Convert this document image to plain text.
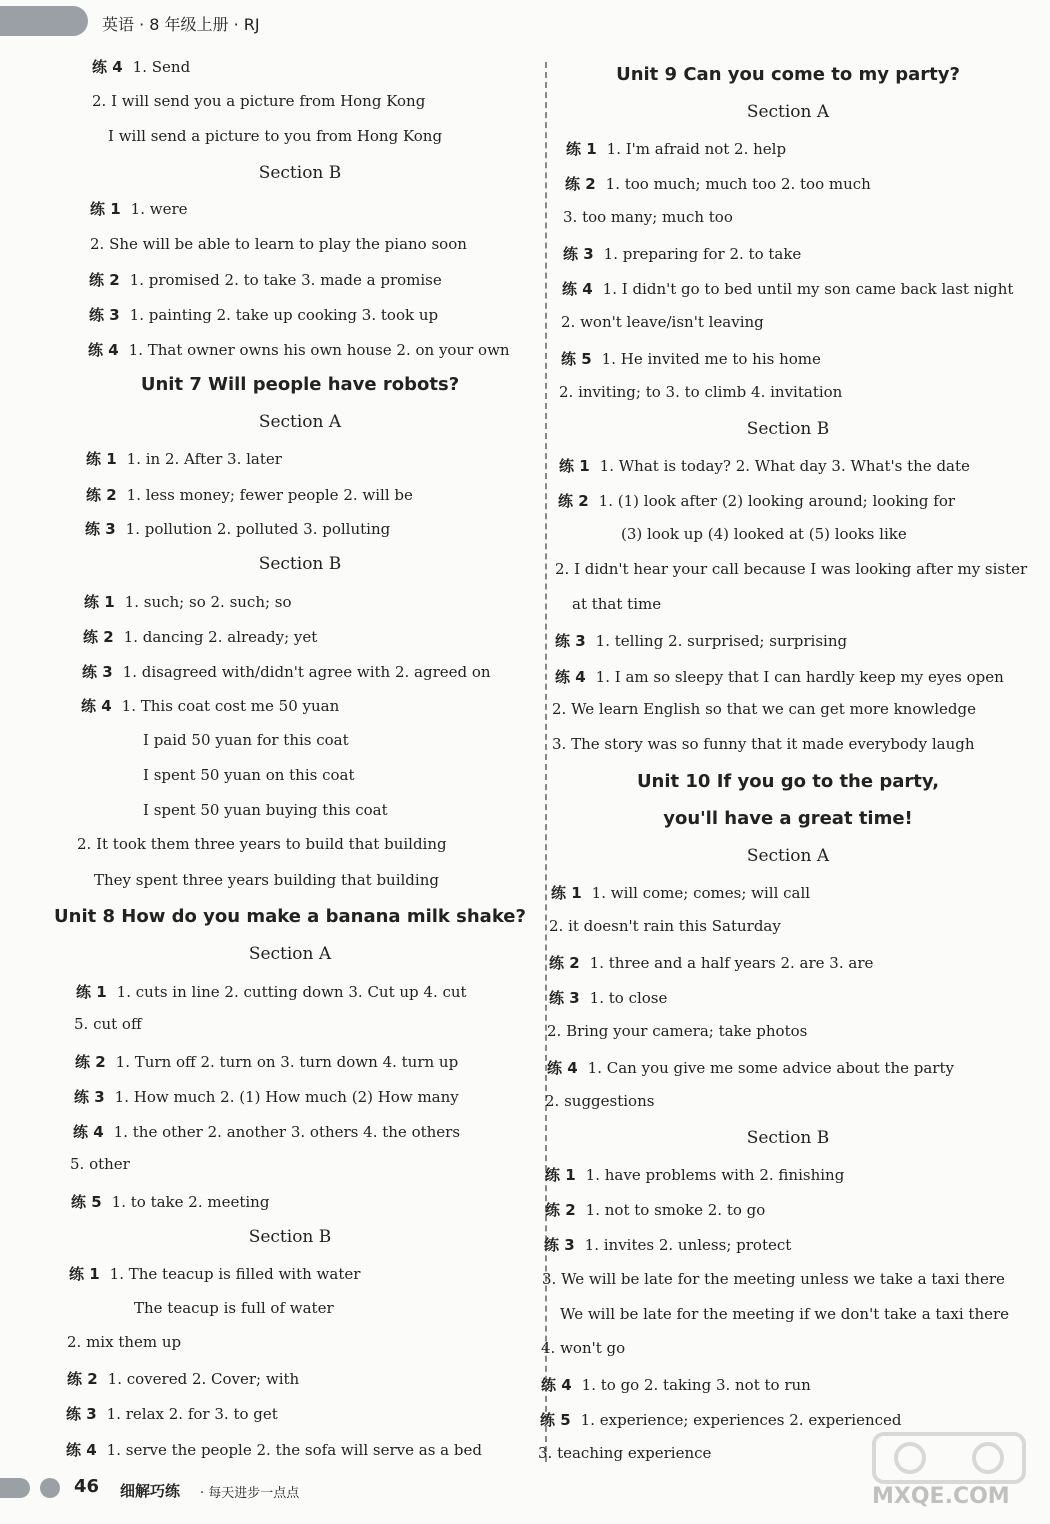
英语 · 8 年级上册 · RJ
练 4 1. Send
2. I will send you a picture from Hong Kong
I will send a picture to you from Hong Kong
Section B
练 1 1. were
2. She will be able to learn to play the piano soon
练 2 1. promised 2. to take 3. made a promise
练 3 1. painting 2. take up cooking 3. took up
练 4 1. That owner owns his own house 2. on your own
Unit 7 Will people have robots?
Section A
练 1 1. in 2. After 3. later
练 2 1. less money; fewer people 2. will be
练 3 1. pollution 2. polluted 3. polluting
Section B
练 1 1. such; so 2. such; so
练 2 1. dancing 2. already; yet
练 3 1. disagreed with/didn't agree with 2. agreed on
练 4 1. This coat cost me 50 yuan
I paid 50 yuan for this coat
I spent 50 yuan on this coat
I spent 50 yuan buying this coat
2. It took them three years to build that building
They spent three years building that building
Unit 8 How do you make a banana milk shake?
Section A
练 1 1. cuts in line 2. cutting down 3. Cut up 4. cut
5. cut off
练 2 1. Turn off 2. turn on 3. turn down 4. turn up
练 3 1. How much 2. (1) How much (2) How many
练 4 1. the other 2. another 3. others 4. the others
5. other
练 5 1. to take 2. meeting
Section B
练 1 1. The teacup is filled with water
The teacup is full of water
2. mix them up
练 2 1. covered 2. Cover; with
练 3 1. relax 2. for 3. to get
练 4 1. serve the people 2. the sofa will serve as a bed
Unit 9 Can you come to my party?
Section A
练 1 1. I'm afraid not 2. help
练 2 1. too much; much too 2. too much
3. too many; much too
练 3 1. preparing for 2. to take
练 4 1. I didn't go to bed until my son came back last night
2. won't leave/isn't leaving
练 5 1. He invited me to his home
2. inviting; to 3. to climb 4. invitation
Section B
练 1 1. What is today? 2. What day 3. What's the date
练 2 1. (1) look after (2) looking around; looking for
(3) look up (4) looked at (5) looks like
2. I didn't hear your call because I was looking after my sister
at that time
练 3 1. telling 2. surprised; surprising
练 4 1. I am so sleepy that I can hardly keep my eyes open
2. We learn English so that we can get more knowledge
3. The story was so funny that it made everybody laugh
Unit 10 If you go to the party,
you'll have a great time!
Section A
练 1 1. will come; comes; will call
2. it doesn't rain this Saturday
练 2 1. three and a half years 2. are 3. are
练 3 1. to close
2. Bring your camera; take photos
练 4 1. Can you give me some advice about the party
2. suggestions
Section B
练 1 1. have problems with 2. finishing
练 2 1. not to smoke 2. to go
练 3 1. invites 2. unless; protect
3. We will be late for the meeting unless we take a taxi there
We will be late for the meeting if we don't take a taxi there
4. won't go
练 4 1. to go 2. taking 3. not to run
练 5 1. experience; experiences 2. experienced
3. teaching experience
46 细解巧练 · 每天进步一点点	MXQE.COM
